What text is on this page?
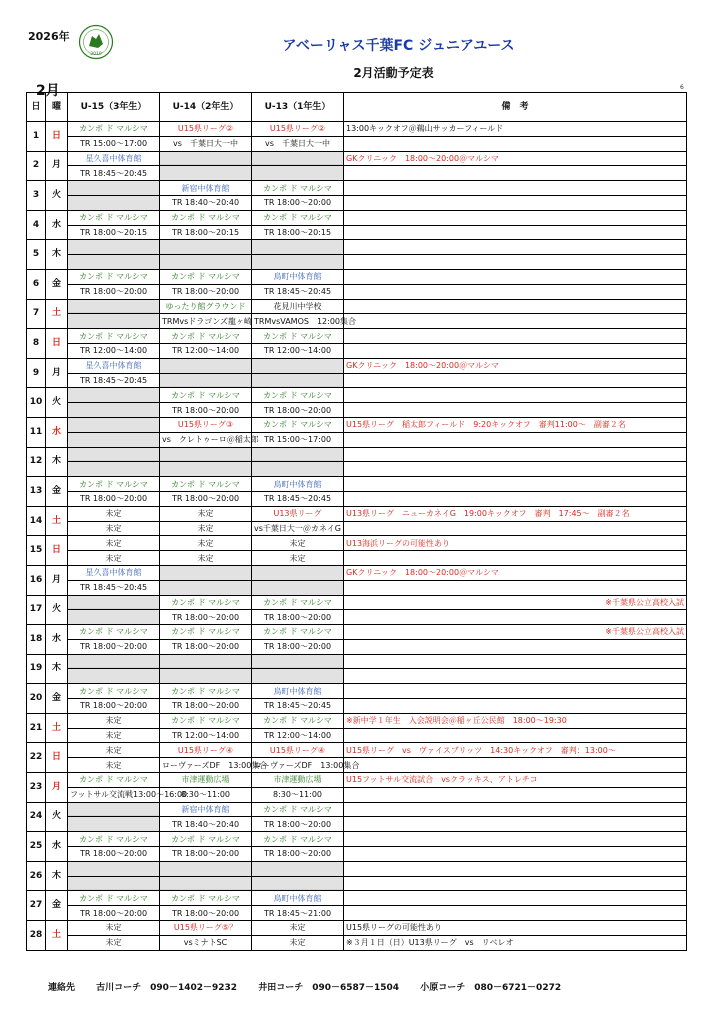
2026年
2010
アベーリャス千葉FC ジュニアユース
2月活動予定表
2月	6
日	曜	U-15（3年生）	U-14（2年生）	U-13（1年生）	備　考
1	日	カンポ ド マルシマ	U15県リーグ②	U15県リーグ②	13:00キックオフ＠鵜山サッカーフィールド
		TR 15:00～17:00	vs　千葉日大一中	vs　千葉日大一中	
2	月	星久喜中体育館			GKクリニック　18:00～20:00＠マルシマ
		TR 18:45～20:45			
3	火		新宿中体育館	カンポ ド マルシマ	
			TR 18:40～20:40	TR 18:00～20:00	
4	水	カンポ ド マルシマ	カンポ ド マルシマ	カンポ ド マルシマ	
		TR 18:00～20:15	TR 18:00～20:15	TR 18:00～20:15	
5	木				

6	金	カンポ ド マルシマ	カンポ ド マルシマ	鳥町中体育館	
		TR 18:00～20:00	TR 18:00～20:00	TR 18:45～20:45	
7	土		ゆったり館グラウンド	花見川中学校	
			TRMvsドラゴンズ龍ヶ崎	TRMvsVAMOS　12:00集合	
8	日	カンポ ド マルシマ	カンポ ド マルシマ	カンポ ド マルシマ	
		TR 12:00～14:00	TR 12:00～14:00	TR 12:00～14:00	
9	月	星久喜中体育館			GKクリニック　18:00～20:00＠マルシマ
		TR 18:45～20:45			
10	火		カンポ ド マルシマ	カンポ ド マルシマ	
			TR 18:00～20:00	TR 18:00～20:00	
11	水		U15県リーグ③	カンポ ド マルシマ	U15県リーグ　稲太郎フィールド　9:20キックオフ　審判11:00～　副審２名
			vs　クレトゥーロ＠稲太郎	TR 15:00～17:00	
12	木				

13	金	カンポ ド マルシマ	カンポ ド マルシマ	鳥町中体育館	
		TR 18:00～20:00	TR 18:00～20:00	TR 18:45～20:45	
14	土	未定	未定	U13県リーグ	U13県リーグ　ニューカネイG　19:00キックオフ　審判　17:45～　副審２名
		未定	未定	vs千葉日大一＠カネイG	
15	日	未定	未定	未定	U13海浜リーグの可能性あり
		未定	未定	未定	
16	月	星久喜中体育館			GKクリニック　18:00～20:00＠マルシマ
		TR 18:45～20:45			
17	火		カンポ ド マルシマ	カンポ ド マルシマ	※千葉県公立高校入試
			TR 18:00～20:00	TR 18:00～20:00	
18	水	カンポ ド マルシマ	カンポ ド マルシマ	カンポ ド マルシマ	※千葉県公立高校入試
		TR 18:00～20:00	TR 18:00～20:00	TR 18:00～20:00	
19	木				

20	金	カンポ ド マルシマ	カンポ ド マルシマ	鳥町中体育館	
		TR 18:00～20:00	TR 18:00～20:00	TR 18:45～20:45	
21	土	未定	カンポ ド マルシマ	カンポ ド マルシマ	※新中学１年生　入会説明会＠稲ヶ丘公民館　18:00～19:30
		未定	TR 12:00～14:00	TR 12:00～14:00	
22	日	未定	U15県リーグ④	U15県リーグ④	U15県リーグ　vs　ヴァイスブリッツ　14:30キックオフ　審判：13:00～
		未定	ローヴァーズDF　13:00集合	ローヴァーズDF　13:00集合	
23	月	カンポ ド マルシマ	市津運動広場	市津運動広場	U15フットサル交流試合　vsクラッキス、アトレチコ
		フットサル交流戦13:00～16:00	8:30～11:00	8:30～11:00	
24	火		新宿中体育館	カンポ ド マルシマ	
			TR 18:40～20:40	TR 18:00～20:00	
25	水	カンポ ド マルシマ	カンポ ド マルシマ	カンポ ド マルシマ	
		TR 18:00～20:00	TR 18:00～20:00	TR 18:00～20:00	
26	木				

27	金	カンポ ド マルシマ	カンポ ド マルシマ	鳥町中体育館	
		TR 18:00～20:00	TR 18:00～20:00	TR 18:45～21:00	
28	土	未定	U15県リーグ⑤？	未定	U15県リーグの可能性あり
		未定	vsミナトSC	未定	※３月１日（日）U13県リーグ　vs　リベレオ
連絡先 古川コーチ　090－1402－9232 井田コーチ　090－6587－1504 小原コーチ　080－6721－0272
